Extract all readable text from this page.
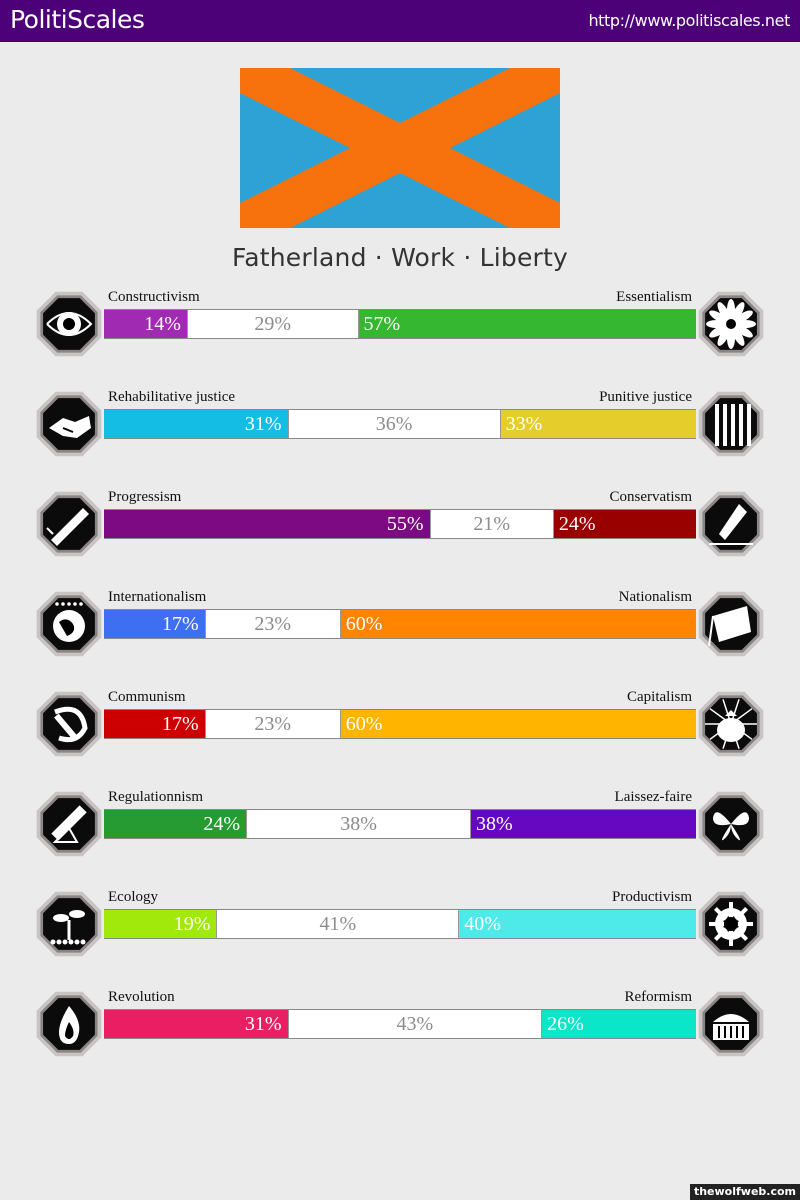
PolitiScales	http://www.politiscales.net
Fatherland · Work · Liberty
Constructivism	Essentialism
14%	29%	57%
Rehabilitative justice	Punitive justice
31%	36%	33%
Progressism	Conservatism
55%	21%	24%
Internationalism	Nationalism
17%	23%	60%
Communism	Capitalism
17%	23%	60%
Regulationnism	Laissez-faire
24%	38%	38%
Ecology	Productivism
19%	41%	40%
Revolution	Reformism
31%	43%	26%
thewolfweb.com
